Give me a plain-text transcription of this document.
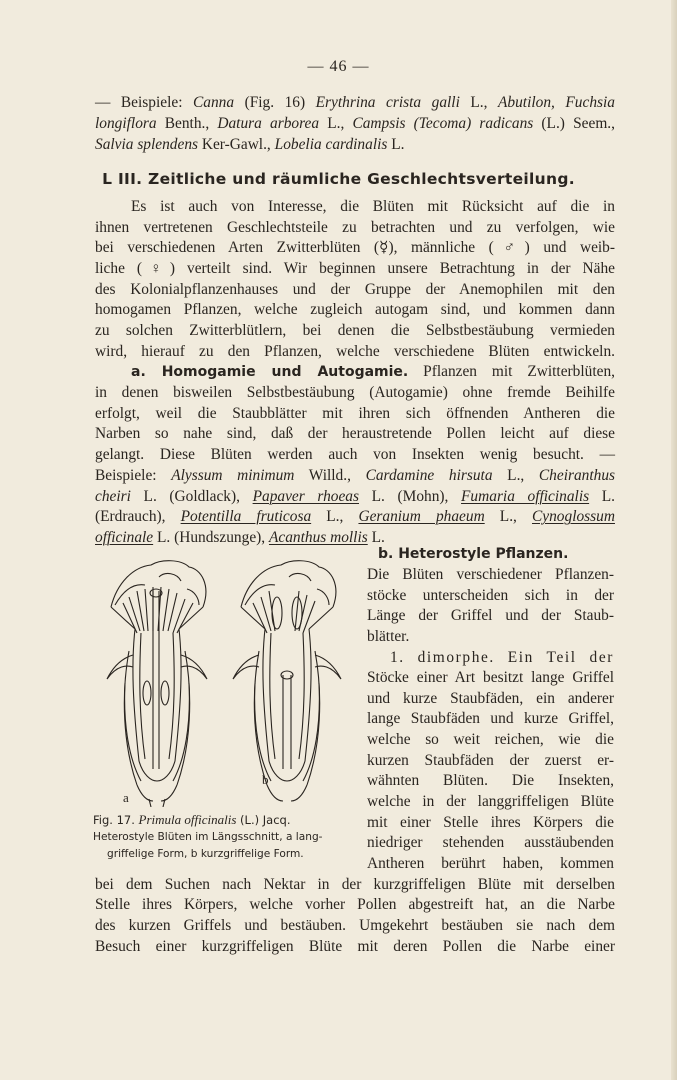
— 46 —
— Beispiele: Canna (Fig. 16) Erythrina crista galli L., Abutilon, Fuchsia
longiflora Benth., Datura arborea L., Campsis (Tecoma) radicans (L.) Seem.,
Salvia splendens Ker-Gawl., Lobelia cardinalis L.
L III. Zeitliche und räumliche Geschlechtsverteilung.
Es ist auch von Interesse, die Blüten mit Rücksicht auf die in
ihnen vertretenen Geschlechtsteile zu betrachten und zu verfolgen, wie
bei verschiedenen Arten Zwitterblüten (☿), männliche (♂) und weib-
liche (♀) verteilt sind. Wir beginnen unsere Betrachtung in der Nähe
des Kolonialpflanzenhauses und der Gruppe der Anemophilen mit den
homogamen Pflanzen, welche zugleich autogam sind, und kommen dann
zu solchen Zwitterblütlern, bei denen die Selbstbestäubung vermieden
wird, hierauf zu den Pflanzen, welche verschiedene Blüten entwickeln.
a. Homogamie und Autogamie. Pflanzen mit Zwitterblüten,
in denen bisweilen Selbstbestäubung (Autogamie) ohne fremde Beihilfe
erfolgt, weil die Staubblätter mit ihren sich öffnenden Antheren die
Narben so nahe sind, daß der heraustretende Pollen leicht auf diese
gelangt. Diese Blüten werden auch von Insekten wenig besucht. —
Beispiele: Alyssum minimum Willd., Cardamine hirsuta L., Cheiranthus
cheiri L. (Goldlack), Papaver rhoeas L. (Mohn), Fumaria officinalis L.
(Erdrauch), Potentilla fruticosa L., Geranium phaeum L., Cynoglossum
officinale L. (Hundszunge), Acanthus mollis L.
a
b
Fig. 17. Primula officinalis (L.) Jacq.
Heterostyle Blüten im Längsschnitt, a lang-
griffelige Form, b kurzgriffelige Form.
b. Heterostyle Pflanzen.
Die Blüten verschiedener Pflanzen-
stöcke unterscheiden sich in der
Länge der Griffel und der Staub-
blätter.
1. dimorphe. Ein Teil der
Stöcke einer Art besitzt lange Griffel
und kurze Staubfäden, ein anderer
lange Staubfäden und kurze Griffel,
welche so weit reichen, wie die
kurzen Staubfäden der zuerst er-
wähnten Blüten. Die Insekten,
welche in der langgriffeligen Blüte
mit einer Stelle ihres Körpers die
niedriger stehenden ausstäubenden
Antheren berührt haben, kommen
bei dem Suchen nach Nektar in der kurzgriffeligen Blüte mit derselben
Stelle ihres Körpers, welche vorher Pollen abgestreift hat, an die Narbe
des kurzen Griffels und bestäuben. Umgekehrt bestäuben sie nach dem
Besuch einer kurzgriffeligen Blüte mit deren Pollen die Narbe einer
